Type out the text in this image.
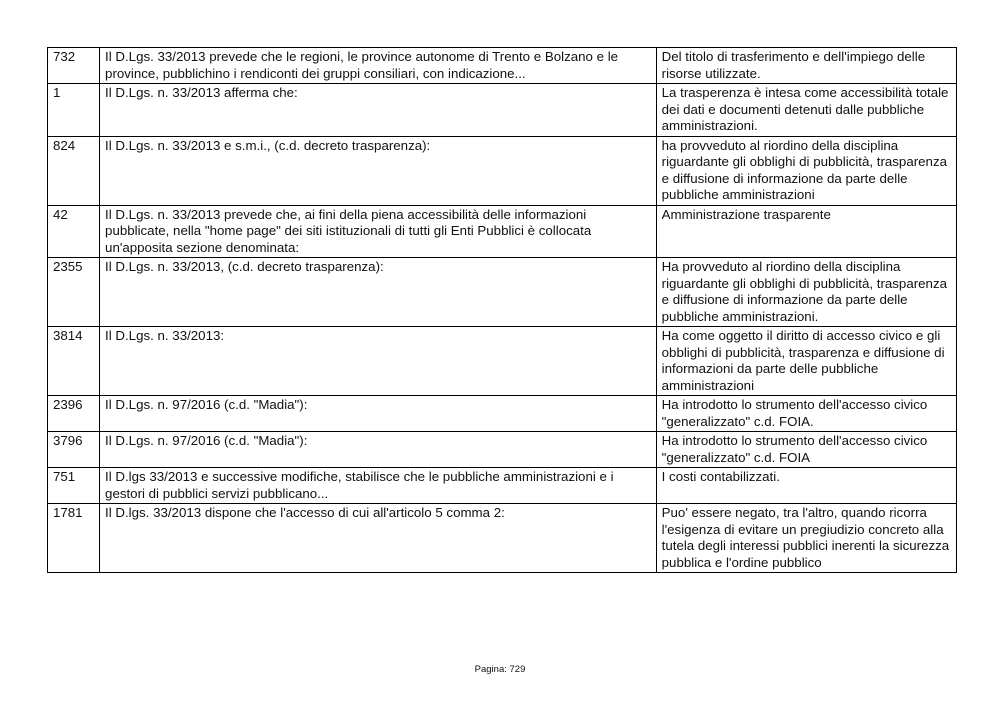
732	Il D.Lgs. 33/2013 prevede che le regioni, le province autonome di Trento e Bolzano e le province, pubblichino i rendiconti dei gruppi consiliari, con indicazione...	Del titolo di trasferimento e dell'impiego delle risorse utilizzate.
1	Il D.Lgs. n. 33/2013 afferma che:	La trasperenza è intesa come accessibilità totale dei dati e documenti detenuti dalle pubbliche amministrazioni.
824	Il D.Lgs. n. 33/2013 e s.m.i., (c.d. decreto trasparenza):	ha provveduto al riordino della disciplina riguardante gli obblighi di pubblicità, trasparenza e diffusione di informazione da parte delle pubbliche amministrazioni
42	Il D.Lgs. n. 33/2013 prevede che, ai fini della piena accessibilità delle informazioni pubblicate, nella "home page" dei siti istituzionali di tutti gli Enti Pubblici è collocata un'apposita sezione denominata:	Amministrazione trasparente
2355	Il D.Lgs. n. 33/2013, (c.d. decreto trasparenza):	Ha provveduto al riordino della disciplina riguardante gli obblighi di pubblicità, trasparenza e diffusione di informazione da parte delle pubbliche amministrazioni.
3814	Il D.Lgs. n. 33/2013:	Ha come oggetto il diritto di accesso civico e gli obblighi di pubblicità, trasparenza e diffusione di informazioni da parte delle pubbliche amministrazioni
2396	Il D.Lgs. n. 97/2016 (c.d. "Madia"):	Ha introdotto lo strumento dell'accesso civico "generalizzato" c.d. FOIA.
3796	Il D.Lgs. n. 97/2016 (c.d. "Madia"):	Ha introdotto lo strumento dell'accesso civico "generalizzato" c.d. FOIA
751	Il D.lgs 33/2013 e successive modifiche, stabilisce che le pubbliche amministrazioni e i gestori di pubblici servizi pubblicano...	I costi contabilizzati.
1781	Il D.lgs. 33/2013 dispone che l'accesso di cui all'articolo 5 comma 2:	Puo' essere negato, tra l'altro, quando ricorra l'esigenza di evitare un pregiudizio concreto alla tutela degli interessi pubblici inerenti la sicurezza pubblica e l'ordine pubblico
Pagina: 729
